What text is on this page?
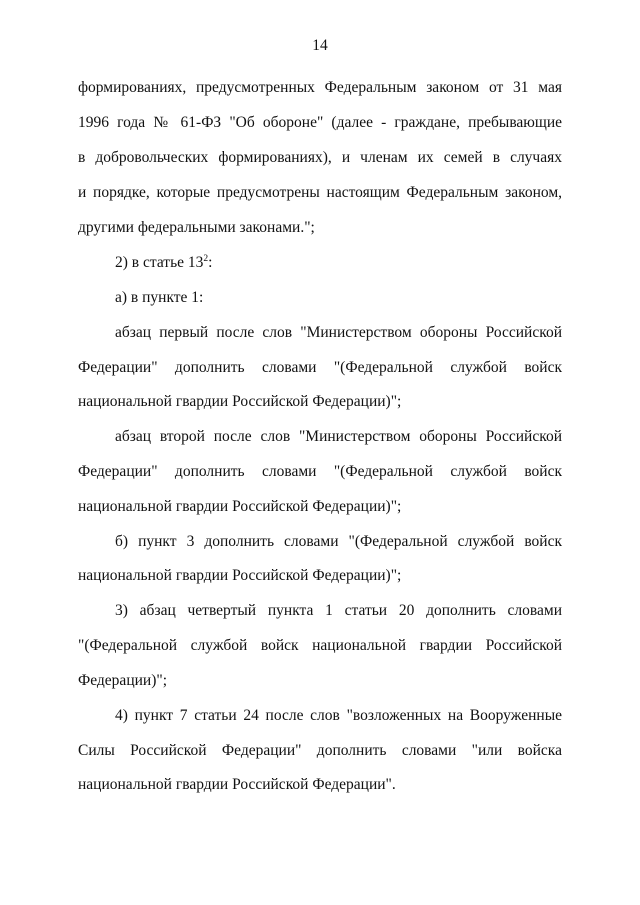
14
формированиях, предусмотренных Федеральным законом от 31 мая
1996 года № 61-ФЗ "Об обороне" (далее - граждане, пребывающие
в добровольческих формированиях), и членам их семей в случаях
и порядке, которые предусмотрены настоящим Федеральным законом,
другими федеральными законами.";
2) в статье $13^2$:
а) в пункте 1:
абзац первый после слов "Министерством обороны Российской
Федерации" дополнить словами "(Федеральной службой войск
национальной гвардии Российской Федерации)";
абзац второй после слов "Министерством обороны Российской
Федерации" дополнить словами "(Федеральной службой войск
национальной гвардии Российской Федерации)";
б) пункт 3 дополнить словами "(Федеральной службой войск
национальной гвардии Российской Федерации)";
3) абзац четвертый пункта 1 статьи 20 дополнить словами
"(Федеральной службой войск национальной гвардии Российской
Федерации)";
4) пункт 7 статьи 24 после слов "возложенных на Вооруженные
Силы Российской Федерации" дополнить словами "или войска
национальной гвардии Российской Федерации".
